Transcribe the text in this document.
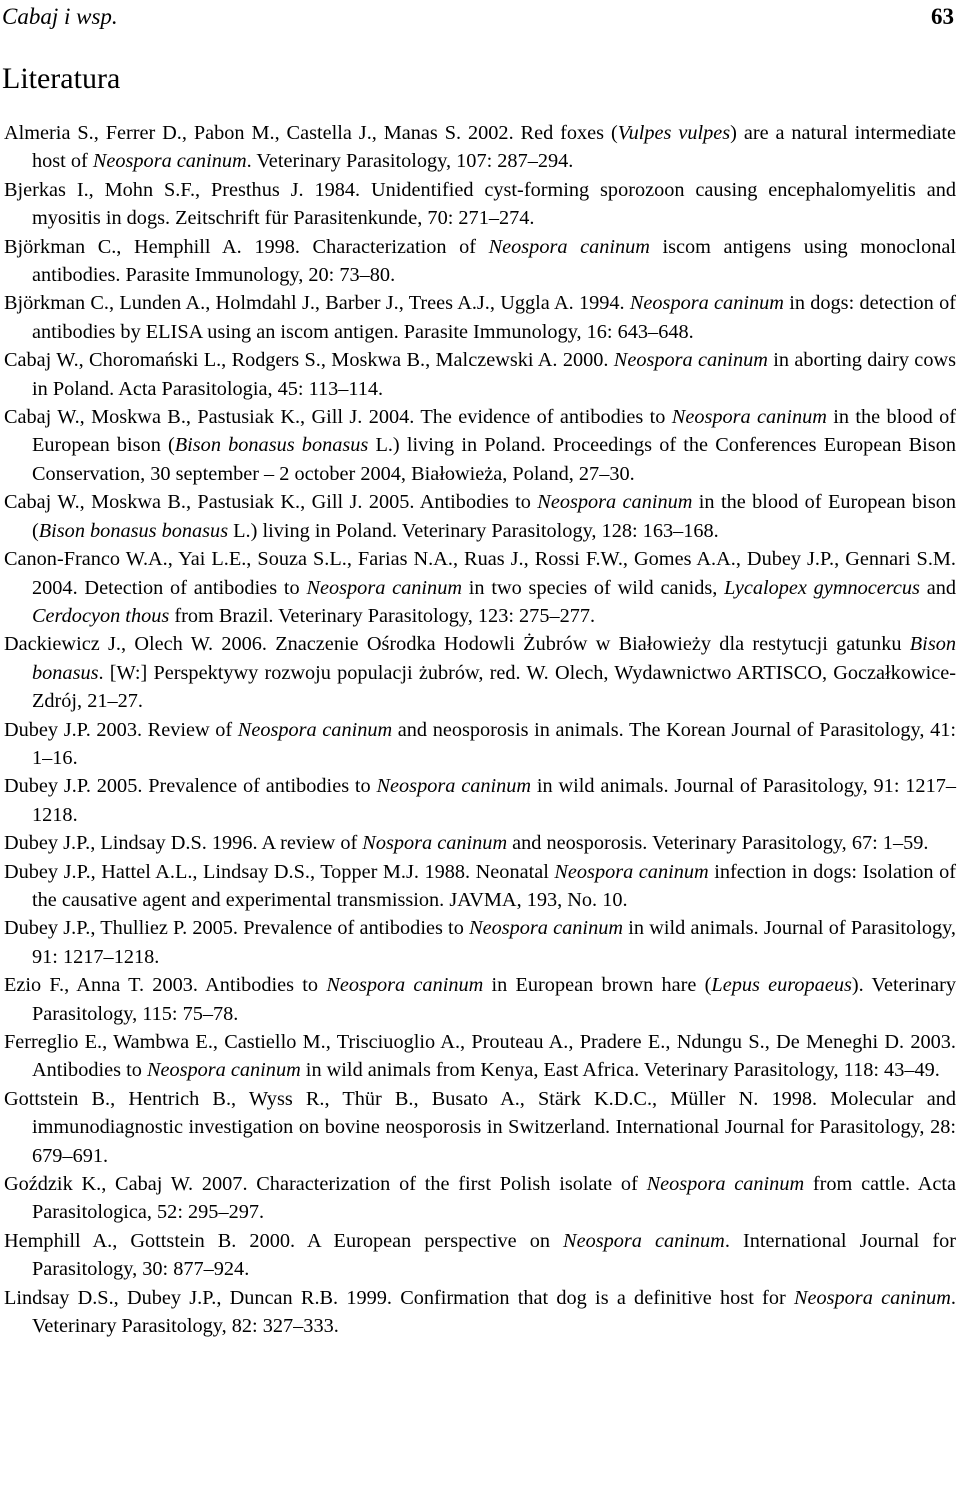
Cabaj i wsp.	63
Literatura
Almeria S., Ferrer D., Pabon M., Castella J., Manas S. 2002. Red foxes (Vulpes vulpes) are a natural intermediate host of Neospora caninum. Veterinary Parasitology, 107: 287–294.
Bjerkas I., Mohn S.F., Presthus J. 1984. Unidentified cyst-forming sporozoon causing encephalomyelitis and myositis in dogs. Zeitschrift für Parasitenkunde, 70: 271–274.
Björkman C., Hemphill A. 1998. Characterization of Neospora caninum iscom antigens using monoclonal antibodies. Parasite Immunology, 20: 73–80.
Björkman C., Lunden A., Holmdahl J., Barber J., Trees A.J., Uggla A. 1994. Neospora caninum in dogs: detection of antibodies by ELISA using an iscom antigen. Parasite Immunology, 16: 643–648.
Cabaj W., Choromański L., Rodgers S., Moskwa B., Malczewski A. 2000. Neospora caninum in aborting dairy cows in Poland. Acta Parasitologia, 45: 113–114.
Cabaj W., Moskwa B., Pastusiak K., Gill J. 2004. The evidence of antibodies to Neospora caninum in the blood of European bison (Bison bonasus bonasus L.) living in Poland. Proceedings of the Conferences European Bison Conservation, 30 september – 2 october 2004, Białowieża, Poland, 27–30.
Cabaj W., Moskwa B., Pastusiak K., Gill J. 2005. Antibodies to Neospora caninum in the blood of European bison (Bison bonasus bonasus L.) living in Poland. Veterinary Parasitology, 128: 163–168.
Canon-Franco W.A., Yai L.E., Souza S.L., Farias N.A., Ruas J., Rossi F.W., Gomes A.A., Dubey J.P., Gennari S.M. 2004. Detection of antibodies to Neospora caninum in two species of wild canids, Lycalopex gymnocercus and Cerdocyon thous from Brazil. Veterinary Parasitology, 123: 275–277.
Dackiewicz J., Olech W. 2006. Znaczenie Ośrodka Hodowli Żubrów w Białowieży dla restytucji gatunku Bison bonasus. [W:] Perspektywy rozwoju populacji żubrów, red. W. Olech, Wydawnictwo ARTISCO, Goczałkowice-Zdrój, 21–27.
Dubey J.P. 2003. Review of Neospora caninum and neosporosis in animals. The Korean Journal of Parasitology, 41: 1–16.
Dubey J.P. 2005. Prevalence of antibodies to Neospora caninum in wild animals. Journal of Parasitology, 91: 1217–1218.
Dubey J.P., Lindsay D.S. 1996. A review of Nospora caninum and neosporosis. Veterinary Parasitology, 67: 1–59.
Dubey J.P., Hattel A.L., Lindsay D.S., Topper M.J. 1988. Neonatal Neospora caninum infection in dogs: Isolation of the causative agent and experimental transmission. JAVMA, 193, No. 10.
Dubey J.P., Thulliez P. 2005. Prevalence of antibodies to Neospora caninum in wild animals. Journal of Parasitology, 91: 1217–1218.
Ezio F., Anna T. 2003. Antibodies to Neospora caninum in European brown hare (Lepus europaeus). Veterinary Parasitology, 115: 75–78.
Ferreglio E., Wambwa E., Castiello M., Trisciuoglio A., Prouteau A., Pradere E., Ndungu S., De Meneghi D. 2003. Antibodies to Neospora caninum in wild animals from Kenya, East Africa. Veterinary Parasitology, 118: 43–49.
Gottstein B., Hentrich B., Wyss R., Thür B., Busato A., Stärk K.D.C., Müller N. 1998. Molecular and immunodiagnostic investigation on bovine neosporosis in Switzerland. International Journal for Parasitology, 28: 679–691.
Goździk K., Cabaj W. 2007. Characterization of the first Polish isolate of Neospora caninum from cattle. Acta Parasitologica, 52: 295–297.
Hemphill A., Gottstein B. 2000. A European perspective on Neospora caninum. International Journal for Parasitology, 30: 877–924.
Lindsay D.S., Dubey J.P., Duncan R.B. 1999. Confirmation that dog is a definitive host for Neospora caninum. Veterinary Parasitology, 82: 327–333.
